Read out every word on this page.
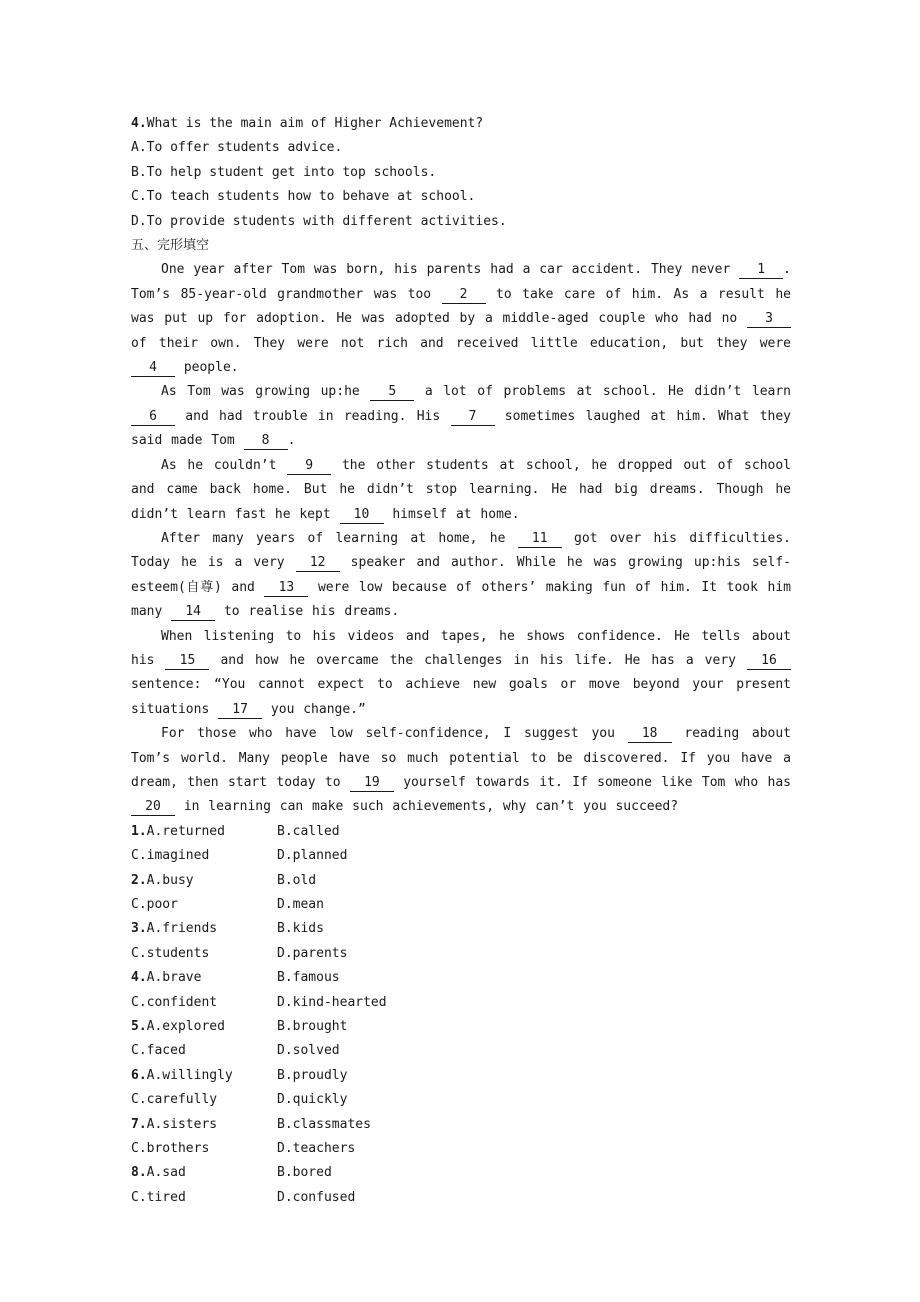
4.What is the main aim of Higher Achievement?
A.To offer students advice.
B.To help student get into top schools.
C.To teach students how to behave at school.
D.To provide students with different activities.
五、完形填空

One year after Tom was born, his parents had a car accident. They never 1 . Tom’s 85-year-old grandmother was too 2 to take care of him. As a result he was put up for adoption. He was adopted by a middle-aged couple who had no 3 of their own. They were not rich and received little education, but they were 4 people.

As Tom was growing up:he 5 a lot of problems at school. He didn’t learn 6 and had trouble in reading. His 7 sometimes laughed at him. What they said made Tom 8 .

As he couldn’t 9 the other students at school, he dropped out of school and came back home. But he didn’t stop learning. He had big dreams. Though he didn’t learn fast he kept 10 himself at home.

After many years of learning at home, he 11 got over his difficulties. Today he is a very 12 speaker and author. While he was growing up:his self-esteem(自尊) and 13 were low because of others’ making fun of him. It took him many 14 to realise his dreams.

When listening to his videos and tapes, he shows confidence. He tells about his 15 and how he overcame the challenges in his life. He has a very 16 sentence: “You cannot expect to achieve new goals or move beyond your present situations 17 you change.”

For those who have low self-confidence, I suggest you 18 reading about Tom’s world. Many people have so much potential to be discovered. If you have a dream, then start today to 19 yourself towards it. If someone like Tom who has 20 in learning can make such achievements, why can’t you succeed?

1.A.returned	B.called
C.imagined	D.planned
2.A.busy	B.old
C.poor	D.mean
3.A.friends	B.kids
C.students	D.parents
4.A.brave	B.famous
C.confident	D.kind-hearted
5.A.explored	B.brought
C.faced	D.solved
6.A.willingly	B.proudly
C.carefully	D.quickly
7.A.sisters	B.classmates
C.brothers	D.teachers
8.A.sad	B.bored
C.tired	D.confused
